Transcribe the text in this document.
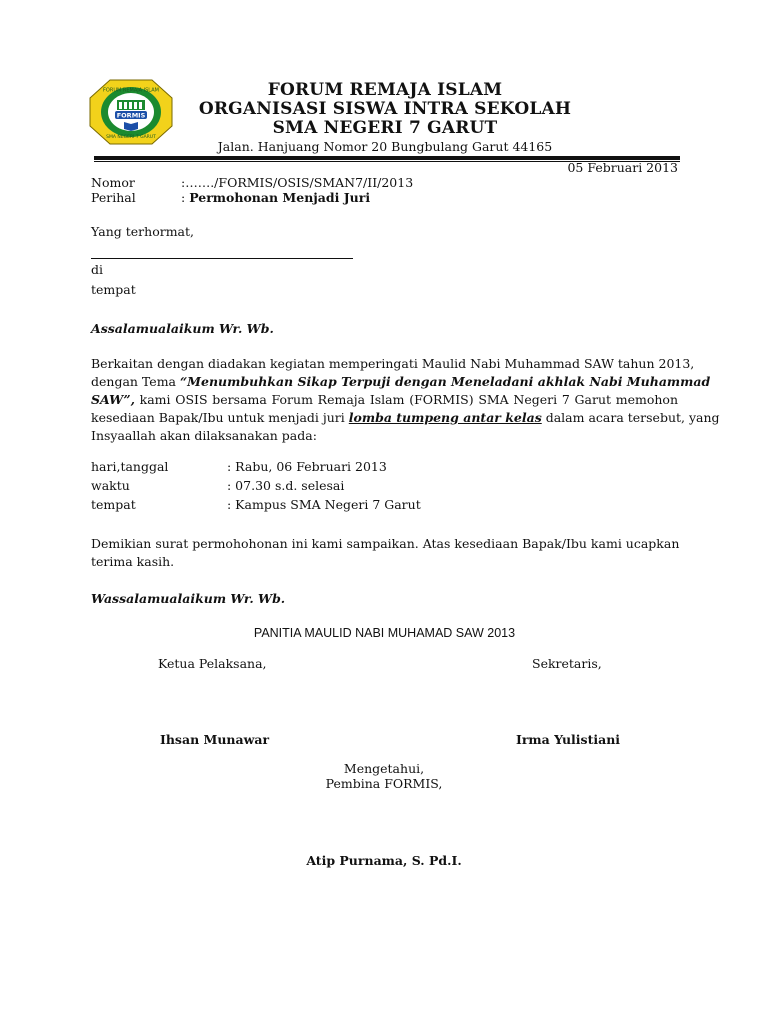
FORMIS
FORUM REMAJA ISLAM
SMA NEGERI 7 GARUT
FORUM REMAJA ISLAM
ORGANISASI SISWA INTRA SEKOLAH
SMA NEGERI 7 GARUT
Jalan. Hanjuang Nomor 20 Bungbulang Garut 44165
05 Februari 2013
Nomor	:……./FORMIS/OSIS/SMAN7/II/2013
Perihal	: Permohonan Menjadi Juri
Yang terhormat,
di
tempat
Assalamualaikum Wr. Wb.
Berkaitan dengan diadakan kegiatan memperingati Maulid Nabi Muhammad SAW tahun 2013,
dengan Tema “Menumbuhkan Sikap Terpuji dengan Meneladani akhlak Nabi Muhammad
SAW”, kami OSIS bersama Forum Remaja Islam (FORMIS) SMA Negeri 7 Garut memohon
kesediaan Bapak/Ibu untuk menjadi juri lomba tumpeng antar kelas dalam acara tersebut, yang
Insyaallah akan dilaksanakan pada:
hari,tanggal	: Rabu, 06 Februari 2013
waktu	: 07.30 s.d. selesai
tempat	: Kampus SMA Negeri 7 Garut
Demikian surat permohohonan ini kami sampaikan. Atas kesediaan Bapak/Ibu kami ucapkan
terima kasih.
Wassalamualaikum Wr. Wb.
PANITIA MAULID NABI MUHAMAD SAW 2013
Ketua Pelaksana,	Sekretaris,
Ihsan Munawar	Irma Yulistiani
Mengetahui,
Pembina FORMIS,
Atip Purnama, S. Pd.I.
